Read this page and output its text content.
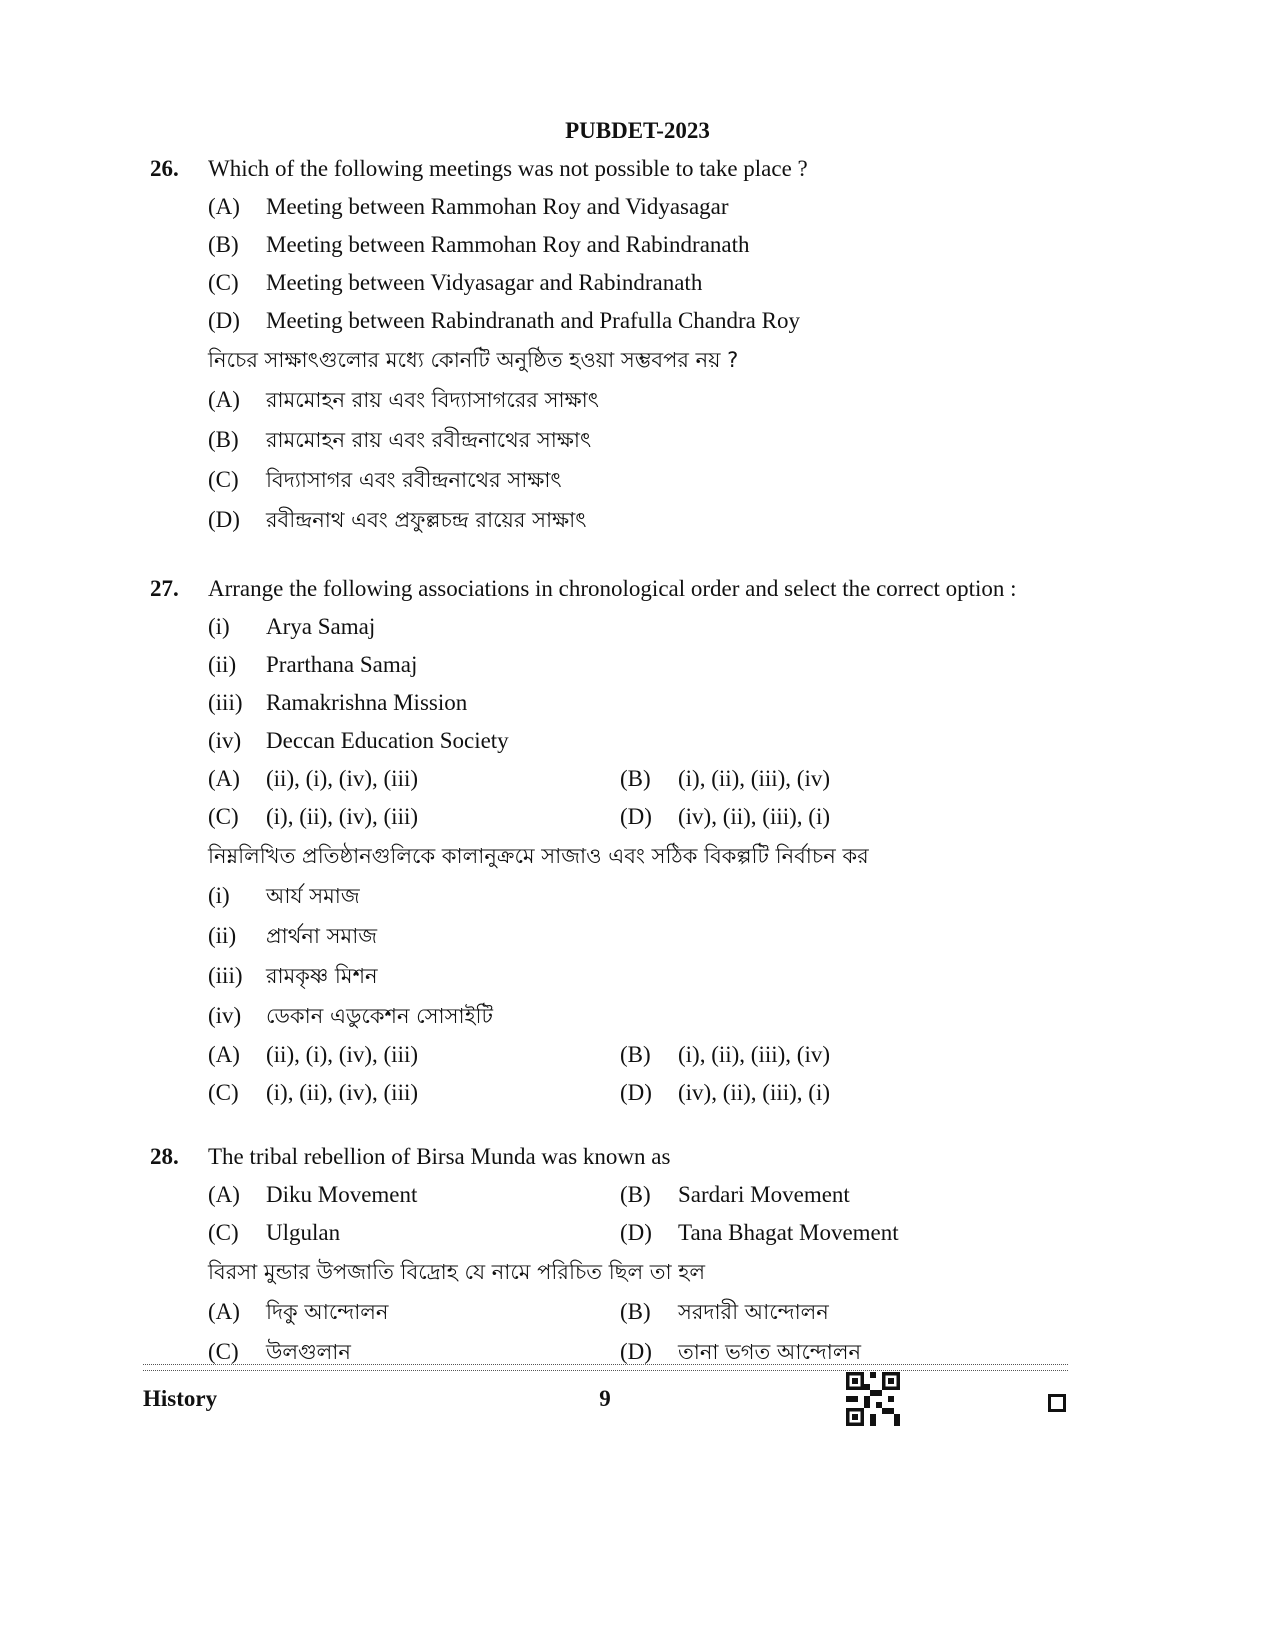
PUBDET-2023
26. Which of the following meetings was not possible to take place ?
(A) Meeting between Rammohan Roy and Vidyasagar
(B) Meeting between Rammohan Roy and Rabindranath
(C) Meeting between Vidyasagar and Rabindranath
(D) Meeting between Rabindranath and Prafulla Chandra Roy
নিচের সাক্ষাৎগুলোর মধ্যে কোনটি অনুষ্ঠিত হওয়া সম্ভবপর নয় ?
(A) রামমোহন রায় এবং বিদ্যাসাগরের সাক্ষাৎ
(B) রামমোহন রায় এবং রবীন্দ্রনাথের সাক্ষাৎ
(C) বিদ্যাসাগর এবং রবীন্দ্রনাথের সাক্ষাৎ
(D) রবীন্দ্রনাথ এবং প্রফুল্লচন্দ্র রায়ের সাক্ষাৎ
27. Arrange the following associations in chronological order and select the correct option :
(i) Arya Samaj
(ii) Prarthana Samaj
(iii) Ramakrishna Mission
(iv) Deccan Education Society
(A) (ii), (i), (iv), (iii)	(B) (i), (ii), (iii), (iv)
(C) (i), (ii), (iv), (iii)	(D) (iv), (ii), (iii), (i)
নিম্নলিখিত প্রতিষ্ঠানগুলিকে কালানুক্রমে সাজাও এবং সঠিক বিকল্পটি নির্বাচন কর
(i) আর্য সমাজ
(ii) প্রার্থনা সমাজ
(iii) রামকৃষ্ণ মিশন
(iv) ডেকান এডুকেশন সোসাইটি
(A) (ii), (i), (iv), (iii)	(B) (i), (ii), (iii), (iv)
(C) (i), (ii), (iv), (iii)	(D) (iv), (ii), (iii), (i)
28. The tribal rebellion of Birsa Munda was known as
(A) Diku Movement	(B) Sardari Movement
(C) Ulgulan	(D) Tana Bhagat Movement
বিরসা মুন্ডার উপজাতি বিদ্রোহ যে নামে পরিচিত ছিল তা হল
(A) দিকু আন্দোলন	(B) সরদারী আন্দোলন
(C) উলগুলান	(D) তানা ভগত আন্দোলন
History	9
